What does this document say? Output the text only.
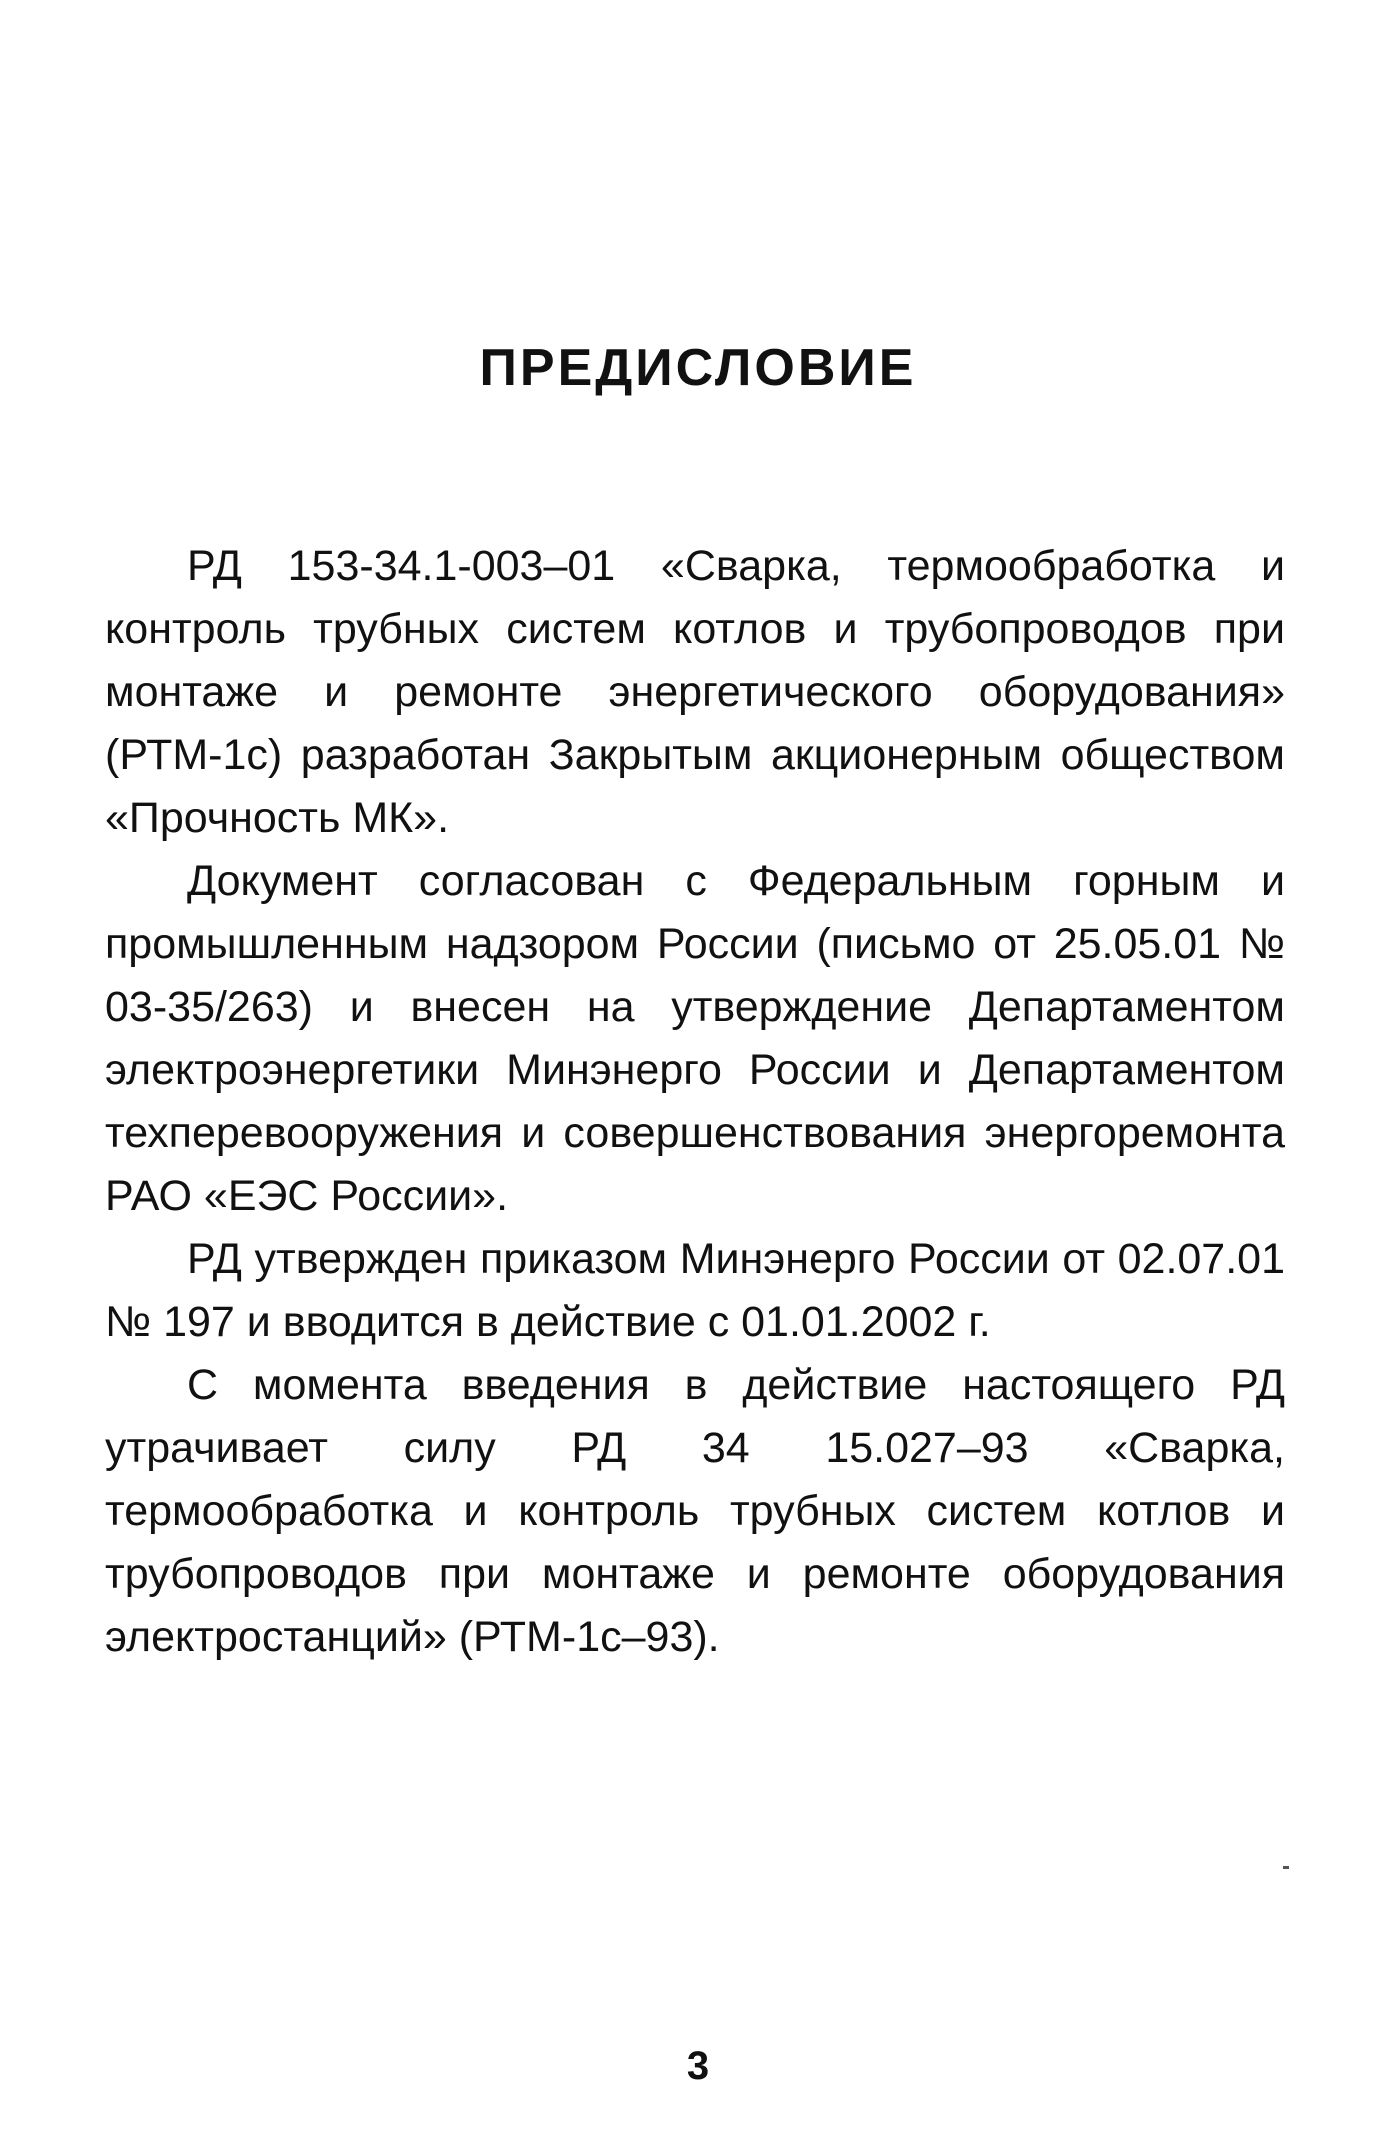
ПРЕДИСЛОВИЕ

РД 153-34.1-003–01 «Сварка, термообработка и контроль трубных систем котлов и трубопроводов при монтаже и ремонте энергетического оборудования» (РТМ-1с) разработан Закрытым акционерным обществом «Прочность МК».

Документ согласован с Федеральным горным и промышленным надзором России (письмо от 25.05.01 № 03-35/263) и внесен на утверждение Департаментом электроэнергетики Минэнерго России и Департаментом техперевооружения и совершенствования энергоремонта РАО «ЕЭС России».

РД утвержден приказом Минэнерго России от 02.07.01 № 197 и вводится в действие с 01.01.2002 г.

С момента введения в действие настоящего РД утрачивает силу РД 34 15.027–93 «Сварка, термообработка и контроль трубных систем котлов и трубопроводов при монтаже и ремонте оборудования электростанций» (РТМ-1с–93).

3
